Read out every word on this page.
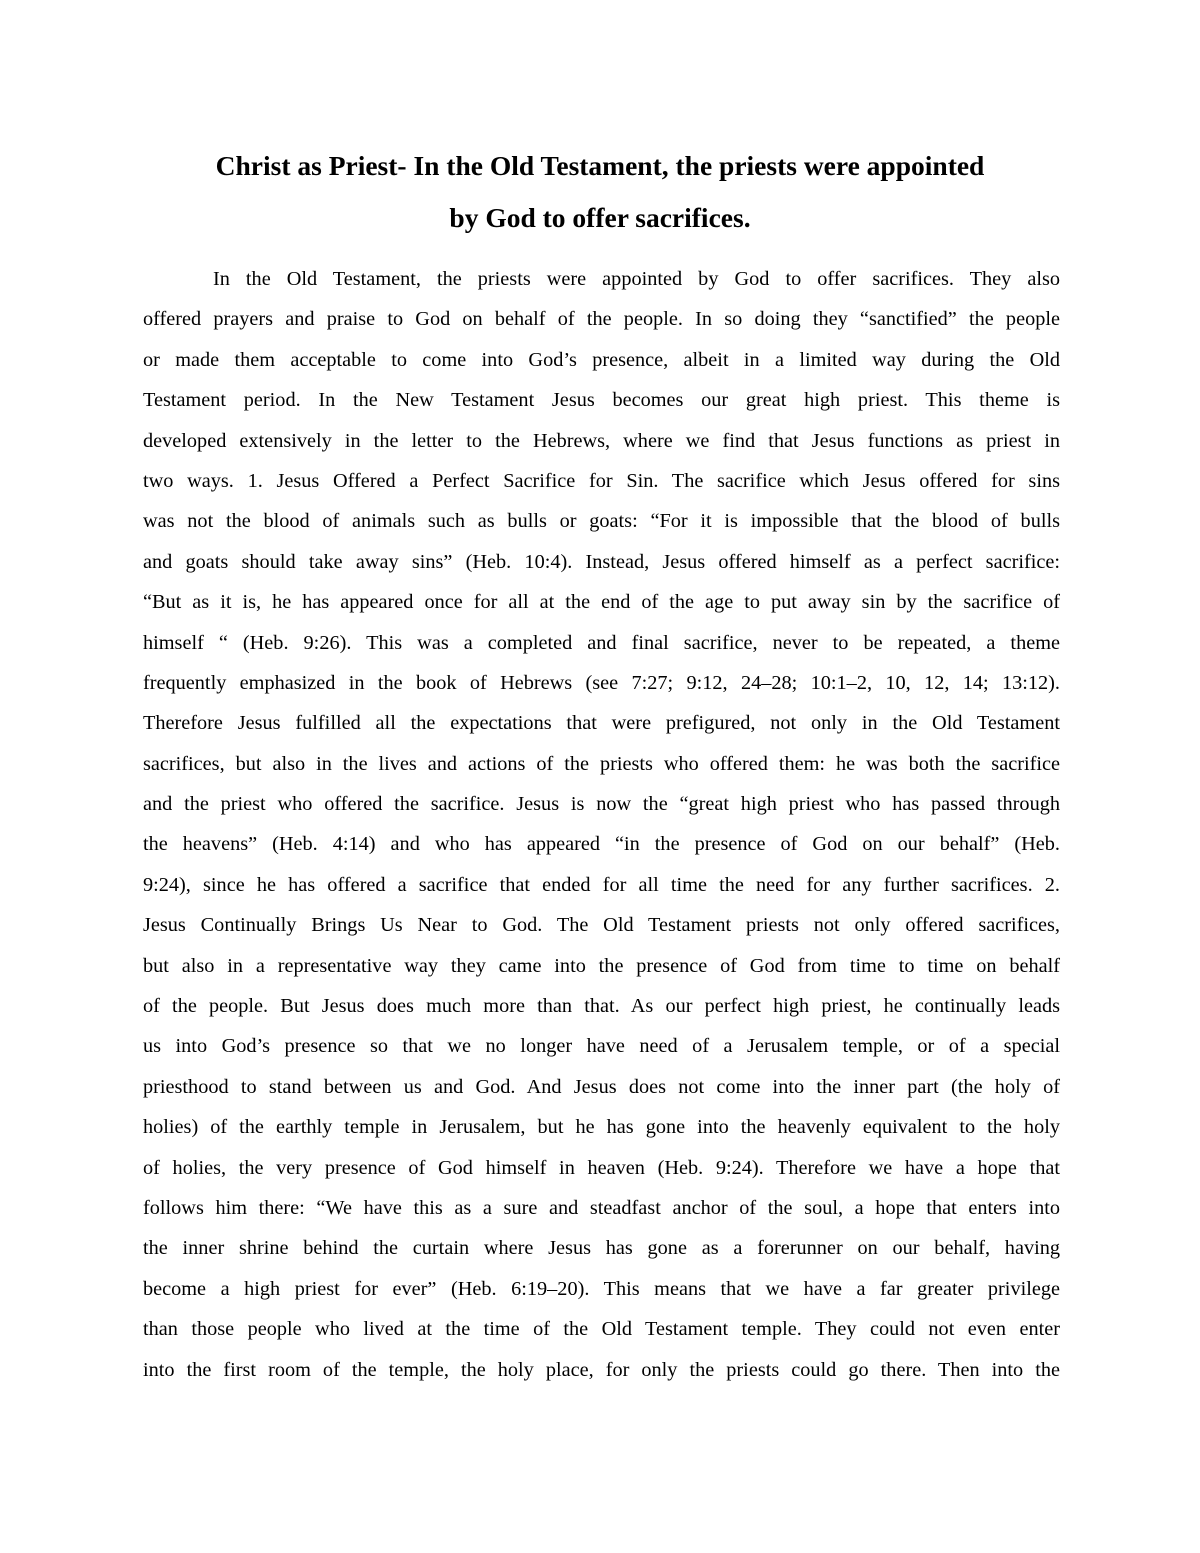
Christ as Priest- In the Old Testament, the priests were appointed
by God to offer sacrifices.
In the Old Testament, the priests were appointed by God to offer sacrifices. They also
offered prayers and praise to God on behalf of the people. In so doing they “sanctified” the people
or made them acceptable to come into God’s presence, albeit in a limited way during the Old
Testament period. In the New Testament Jesus becomes our great high priest. This theme is
developed extensively in the letter to the Hebrews, where we find that Jesus functions as priest in
two ways. 1. Jesus Offered a Perfect Sacrifice for Sin. The sacrifice which Jesus offered for sins
was not the blood of animals such as bulls or goats: “For it is impossible that the blood of bulls
and goats should take away sins” (Heb. 10:4). Instead, Jesus offered himself as a perfect sacrifice:
“But as it is, he has appeared once for all at the end of the age to put away sin by the sacrifice of
himself “ (Heb. 9:26). This was a completed and final sacrifice, never to be repeated, a theme
frequently emphasized in the book of Hebrews (see 7:27; 9:12, 24–28; 10:1–2, 10, 12, 14; 13:12).
Therefore Jesus fulfilled all the expectations that were prefigured, not only in the Old Testament
sacrifices, but also in the lives and actions of the priests who offered them: he was both the sacrifice
and the priest who offered the sacrifice. Jesus is now the “great high priest who has passed through
the heavens” (Heb. 4:14) and who has appeared “in the presence of God on our behalf” (Heb.
9:24), since he has offered a sacrifice that ended for all time the need for any further sacrifices. 2.
Jesus Continually Brings Us Near to God. The Old Testament priests not only offered sacrifices,
but also in a representative way they came into the presence of God from time to time on behalf
of the people. But Jesus does much more than that. As our perfect high priest, he continually leads
us into God’s presence so that we no longer have need of a Jerusalem temple, or of a special
priesthood to stand between us and God. And Jesus does not come into the inner part (the holy of
holies) of the earthly temple in Jerusalem, but he has gone into the heavenly equivalent to the holy
of holies, the very presence of God himself in heaven (Heb. 9:24). Therefore we have a hope that
follows him there: “We have this as a sure and steadfast anchor of the soul, a hope that enters into
the inner shrine behind the curtain where Jesus has gone as a forerunner on our behalf, having
become a high priest for ever” (Heb. 6:19–20). This means that we have a far greater privilege
than those people who lived at the time of the Old Testament temple. They could not even enter
into the first room of the temple, the holy place, for only the priests could go there. Then into the
